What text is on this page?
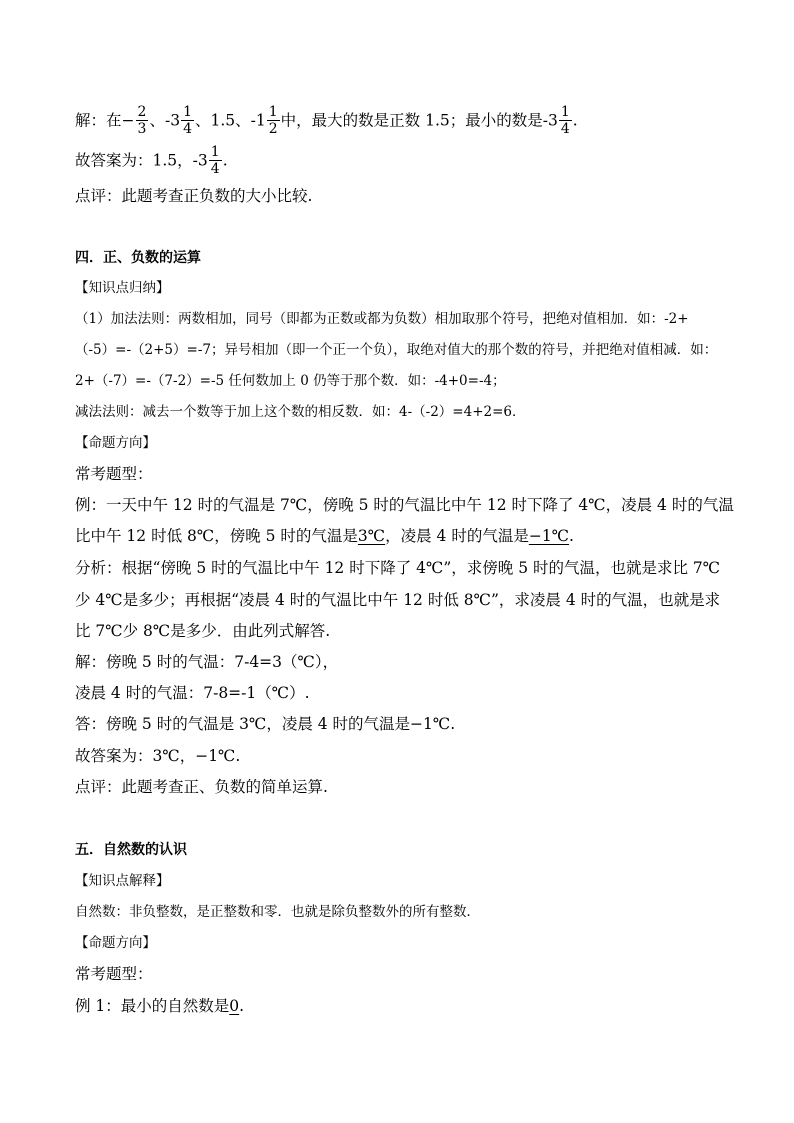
解：在− $\frac{2}{3}$ 、$-3 \frac{1}{4}$ 、1.5、$-1 \frac{1}{2}$ 中，最大的数是正数 1.5；最小的数是$-3 \frac{1}{4}$ .
故答案为：1.5，$-3 \frac{1}{4}$ .
点评：此题考查正负数的大小比较.
四．正、负数的运算
【知识点归纳】
（1）加法法则：两数相加，同号（即都为正数或都为负数）相加取那个符号，把绝对值相加．如：-2+
（-5）=-（2+5）=-7；异号相加（即一个正一个负），取绝对值大的那个数的符号，并把绝对值相减．如：
2+（-7）=-（7-2）=-5 任何数加上 0 仍等于那个数．如：-4+0=-4；
减法法则：减去一个数等于加上这个数的相反数．如：4-（-2）=4+2=6．
【命题方向】
常考题型：
例：一天中午 12 时的气温是 7℃，傍晚 5 时的气温比中午 12 时下降了 4℃，凌晨 4 时的气温
比中午 12 时低 8℃，傍晚 5 时的气温是3℃，凌晨 4 时的气温是−1℃.
分析：根据“傍晚 5 时的气温比中午 12 时下降了 4℃”，求傍晚 5 时的气温，也就是求比 7℃
少 4℃是多少；再根据“凌晨 4 时的气温比中午 12 时低 8℃”，求凌晨 4 时的气温，也就是求
比 7℃少 8℃是多少．由此列式解答.
解：傍晚 5 时的气温：7-4=3（℃），
凌晨 4 时的气温：7-8=-1（℃）.
答：傍晚 5 时的气温是 3℃，凌晨 4 时的气温是−1℃.
故答案为：3℃，−1℃.
点评：此题考查正、负数的简单运算.
五．自然数的认识
【知识点解释】
自然数：非负整数，是正整数和零．也就是除负整数外的所有整数．
【命题方向】
常考题型：
例 1：最小的自然数是0.
